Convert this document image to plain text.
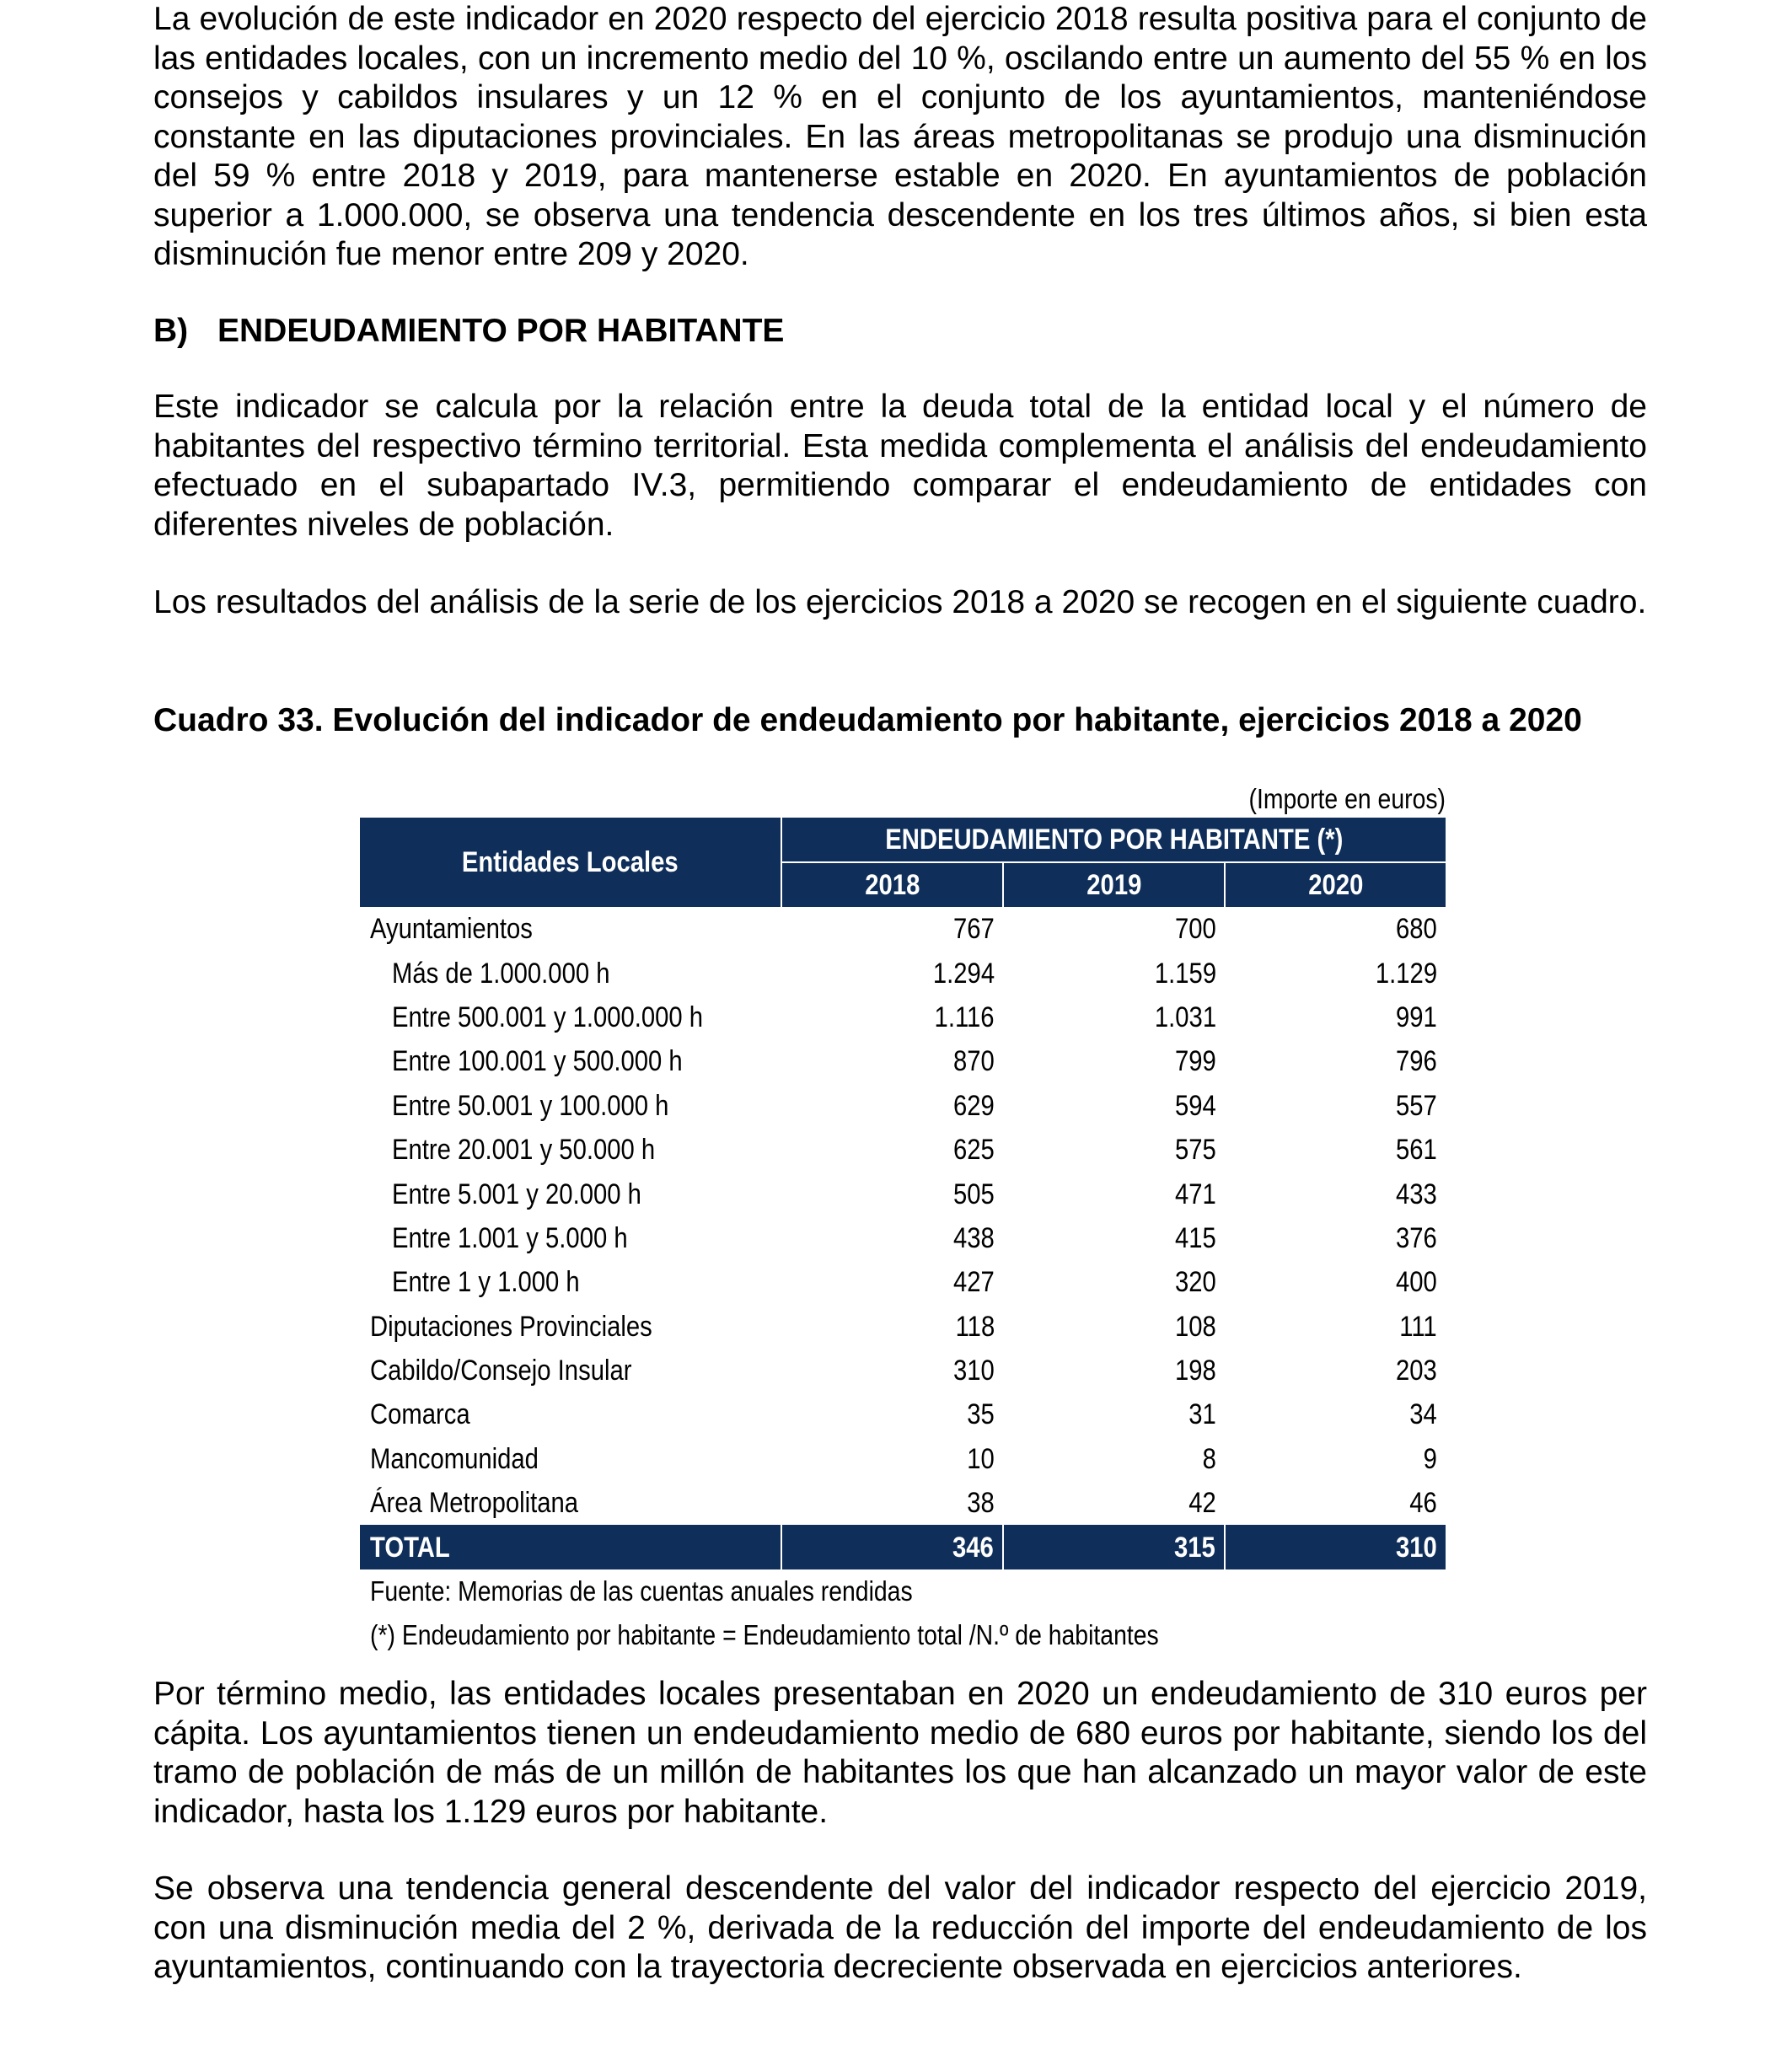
La evolución de este indicador en 2020 respecto del ejercicio 2018 resulta positiva para el conjunto de las entidades locales, con un incremento medio del 10 %, oscilando entre un aumento del 55 % en los consejos y cabildos insulares y un 12 % en el conjunto de los ayuntamientos, manteniéndose constante en las diputaciones provinciales. En las áreas metropolitanas se produjo una disminución del 59 % entre 2018 y 2019, para mantenerse estable en 2020. En ayuntamientos de población superior a 1.000.000, se observa una tendencia descendente en los tres últimos años, si bien esta disminución fue menor entre 209 y 2020.

B) ENDEUDAMIENTO POR HABITANTE

Este indicador se calcula por la relación entre la deuda total de la entidad local y el número de habitantes del respectivo término territorial. Esta medida complementa el análisis del endeudamiento efectuado en el subapartado IV.3, permitiendo comparar el endeudamiento de entidades con diferentes niveles de población.

Los resultados del análisis de la serie de los ejercicios 2018 a 2020 se recogen en el siguiente cuadro.

Cuadro 33. Evolución del indicador de endeudamiento por habitante, ejercicios 2018 a 2020

(Importe en euros)
Entidades Locales	ENDEUDAMIENTO POR HABITANTE (*)		
	2018	2019	2020
Ayuntamientos	767	700	680
Más de 1.000.000 h	1.294	1.159	1.129
Entre 500.001 y 1.000.000 h	1.116	1.031	991
Entre 100.001 y 500.000 h	870	799	796
Entre 50.001 y 100.000 h	629	594	557
Entre 20.001 y 50.000 h	625	575	561
Entre 5.001 y 20.000 h	505	471	433
Entre 1.001 y 5.000 h	438	415	376
Entre 1 y 1.000 h	427	320	400
Diputaciones Provinciales	118	108	111
Cabildo/Consejo Insular	310	198	203
Comarca	35	31	34
Mancomunidad	10	8	9
Área Metropolitana	38	42	46
TOTAL	346	315	310
Fuente: Memorias de las cuentas anuales rendidas
(*) Endeudamiento por habitante = Endeudamiento total /N.º de habitantes

Por término medio, las entidades locales presentaban en 2020 un endeudamiento de 310 euros per cápita. Los ayuntamientos tienen un endeudamiento medio de 680 euros por habitante, siendo los del tramo de población de más de un millón de habitantes los que han alcanzado un mayor valor de este indicador, hasta los 1.129 euros por habitante.

Se observa una tendencia general descendente del valor del indicador respecto del ejercicio 2019, con una disminución media del 2 %, derivada de la reducción del importe del endeudamiento de los ayuntamientos, continuando con la trayectoria decreciente observada en ejercicios anteriores.
